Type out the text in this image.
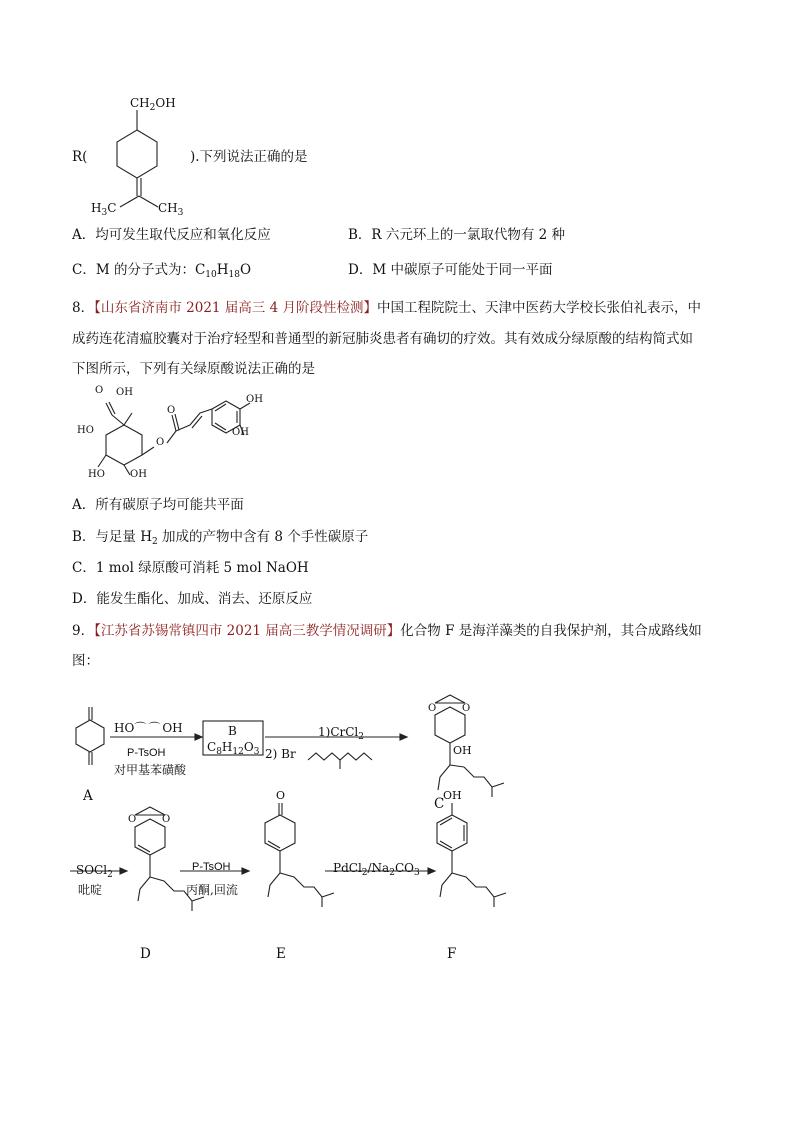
$CH_2OH$
$H_3C$	$CH_3$
R(	).下列说法正确的是
A．均可发生取代反应和氧化反应	B．R 六元环上的一氯取代物有 2 种
C．M 的分子式为：$C_{10}H_{18}O$	D．M 中碳原子可能处于同一平面
8．【山东省济南市 2021 届高三 4 月阶段性检测】中国工程院院士、天津中医药大学校长张伯礼表示，中
成药连花清瘟胶囊对于治疗轻型和普通型的新冠肺炎患者有确切的疗效。其有效成分绿原酸的结构简式如
下图所示，下列有关绿原酸说法正确的是
O OH
HO
O
O
OH
OH
HO	OH
A．所有碳原子均可能共平面
B．与足量 $H_2$ 加成的产物中含有 8 个手性碳原子
C．1 mol 绿原酸可消耗 5 mol NaOH
D．能发生酯化、加成、消去、还原反应
9．【江苏省苏锡常镇四市 2021 届高三教学情况调研】化合物 F 是海洋藻类的自我保护剂，其合成路线如
图：
A
HO⌒⌒OH
P-TsOH
对甲基苯磺酸
B
$C_8H_{12}O_3$
1)CrCl$_2$
2) Br
O	O
OH
C
SOCl$_2$
吡啶
O	O
D
P-TsOH
丙酮,回流
O
E
$PdCl_2/Na_2CO_3$
OH
F
